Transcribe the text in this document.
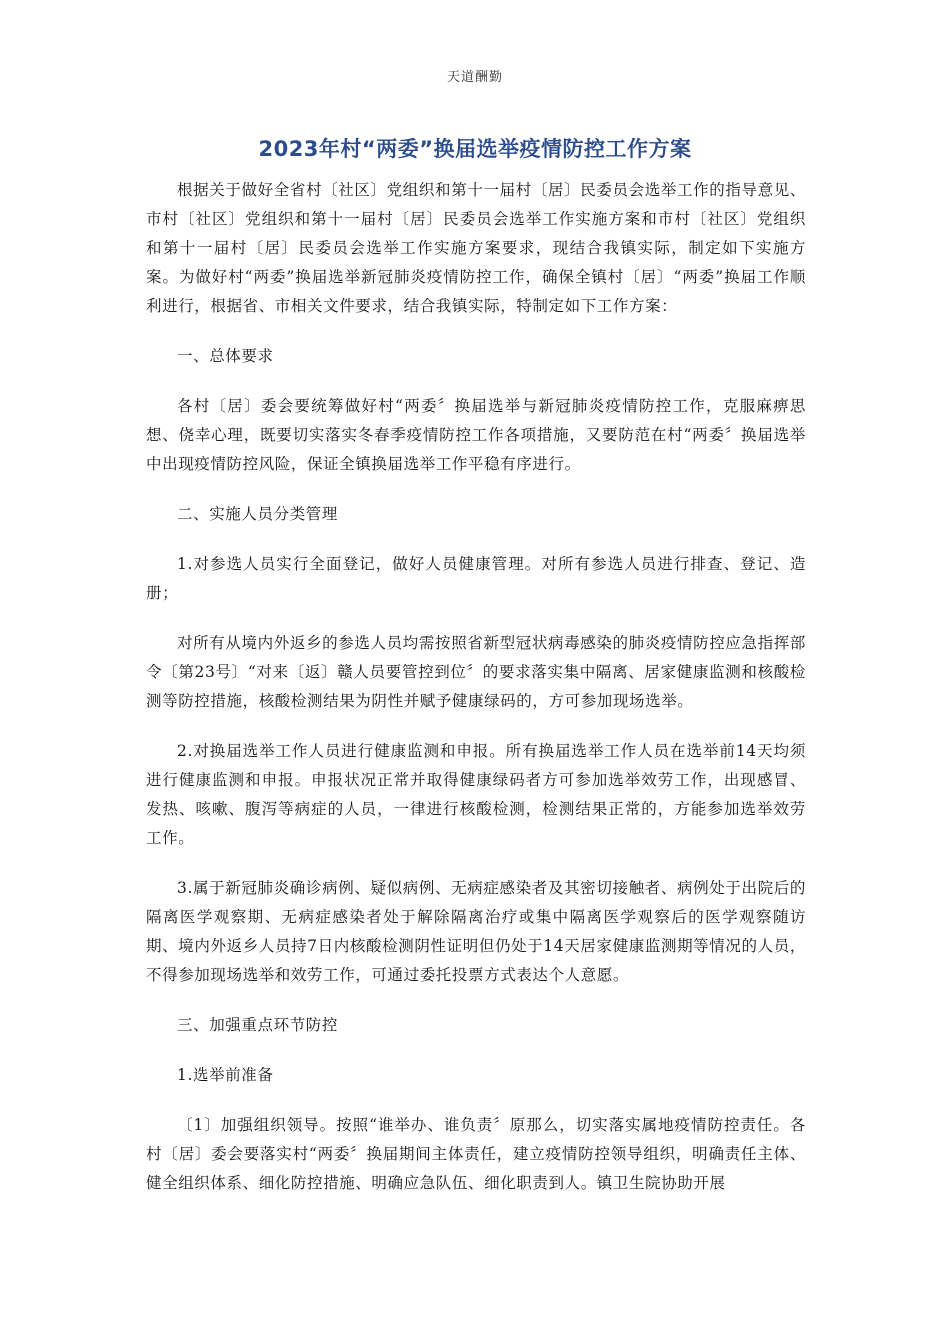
天道酬勤
2023年村“两委”换届选举疫情防控工作方案

根据关于做好全省村〔社区〕党组织和第十一届村〔居〕民委员会选举工作的指导意见、市村〔社区〕党组织和第十一届村〔居〕民委员会选举工作实施方案和市村〔社区〕党组织和第十一届村〔居〕民委员会选举工作实施方案要求，现结合我镇实际，制定如下实施方案。为做好村“两委”换届选举新冠肺炎疫情防控工作，确保全镇村〔居〕“两委”换届工作顺利进行，根据省、市相关文件要求，结合我镇实际，特制定如下工作方案：

一、总体要求

各村〔居〕委会要统筹做好村“两委〞换届选举与新冠肺炎疫情防控工作，克服麻痹思想、侥幸心理，既要切实落实冬春季疫情防控工作各项措施，又要防范在村“两委〞换届选举中出现疫情防控风险，保证全镇换届选举工作平稳有序进行。

二、实施人员分类管理

1.对参选人员实行全面登记，做好人员健康管理。对所有参选人员进行排查、登记、造册；

对所有从境内外返乡的参选人员均需按照省新型冠状病毒感染的肺炎疫情防控应急指挥部令〔第23号〕“对来〔返〕赣人员要管控到位〞的要求落实集中隔离、居家健康监测和核酸检测等防控措施，核酸检测结果为阴性并赋予健康绿码的，方可参加现场选举。

2.对换届选举工作人员进行健康监测和申报。所有换届选举工作人员在选举前14天均须进行健康监测和申报。申报状况正常并取得健康绿码者方可参加选举效劳工作，出现感冒、发热、咳嗽、腹泻等病症的人员，一律进行核酸检测，检测结果正常的，方能参加选举效劳工作。

3.属于新冠肺炎确诊病例、疑似病例、无病症感染者及其密切接触者、病例处于出院后的隔离医学观察期、无病症感染者处于解除隔离治疗或集中隔离医学观察后的医学观察随访期、境内外返乡人员持7日内核酸检测阴性证明但仍处于14天居家健康监测期等情况的人员，不得参加现场选举和效劳工作，可通过委托投票方式表达个人意愿。

三、加强重点环节防控

1.选举前准备

〔1〕加强组织领导。按照“谁举办、谁负责〞原那么，切实落实属地疫情防控责任。各村〔居〕委会要落实村“两委〞换届期间主体责任，建立疫情防控领导组织，明确责任主体、健全组织体系、细化防控措施、明确应急队伍、细化职责到人。镇卫生院协助开展
